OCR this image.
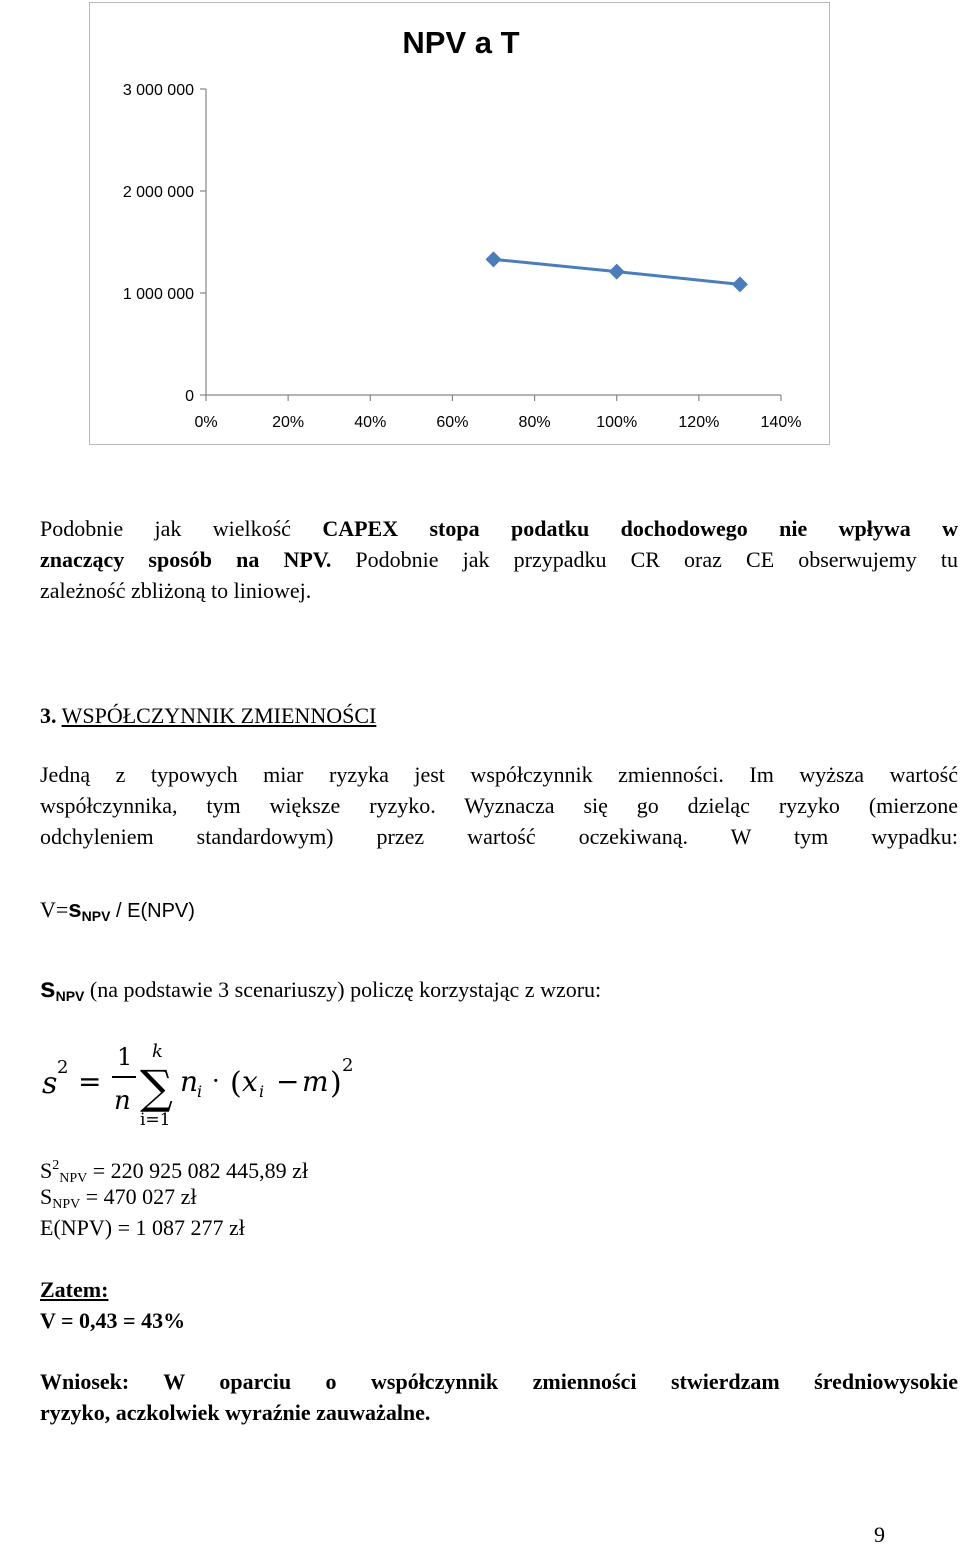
NPV a T
0
1 000 000
2 000 000
3 000 000
0%	20%	40%	60%	80%	100%	120%	140%
Podobnie jak wielkość CAPEX stopa podatku dochodowego nie wpływa w
znaczący sposób na NPV. Podobnie jak przypadku CR oraz CE obserwujemy tu
zależność zbliżoną to liniowej.
3. WSPÓŁCZYNNIK ZMIENNOŚCI
Jedną z typowych miar ryzyka jest współczynnik zmienności. Im wyższa wartość
współczynnika, tym większe ryzyko. Wyznacza się go dzieląc ryzyko (mierzone
odchyleniem standardowym) przez wartość oczekiwaną. W tym wypadku:
$V=s_{NPV} / E(NPV)$
$s_{NPV}$ (na podstawie 3 scenariuszy) policzę korzystając z wzoru:
s 2 =
1
n
k
∑
i=1
n
i · ( x i − m )
2
$S^2_{NPV} = 220$ 925 082 445,89 zł
$S_{NPV} = 470$ 027 zł
E(NPV) = 1 087 277 zł
Zatem:
V = 0,43 = 43%
Wniosek: W oparciu o współczynnik zmienności stwierdzam średniowysokie
ryzyko, aczkolwiek wyraźnie zauważalne.
9
